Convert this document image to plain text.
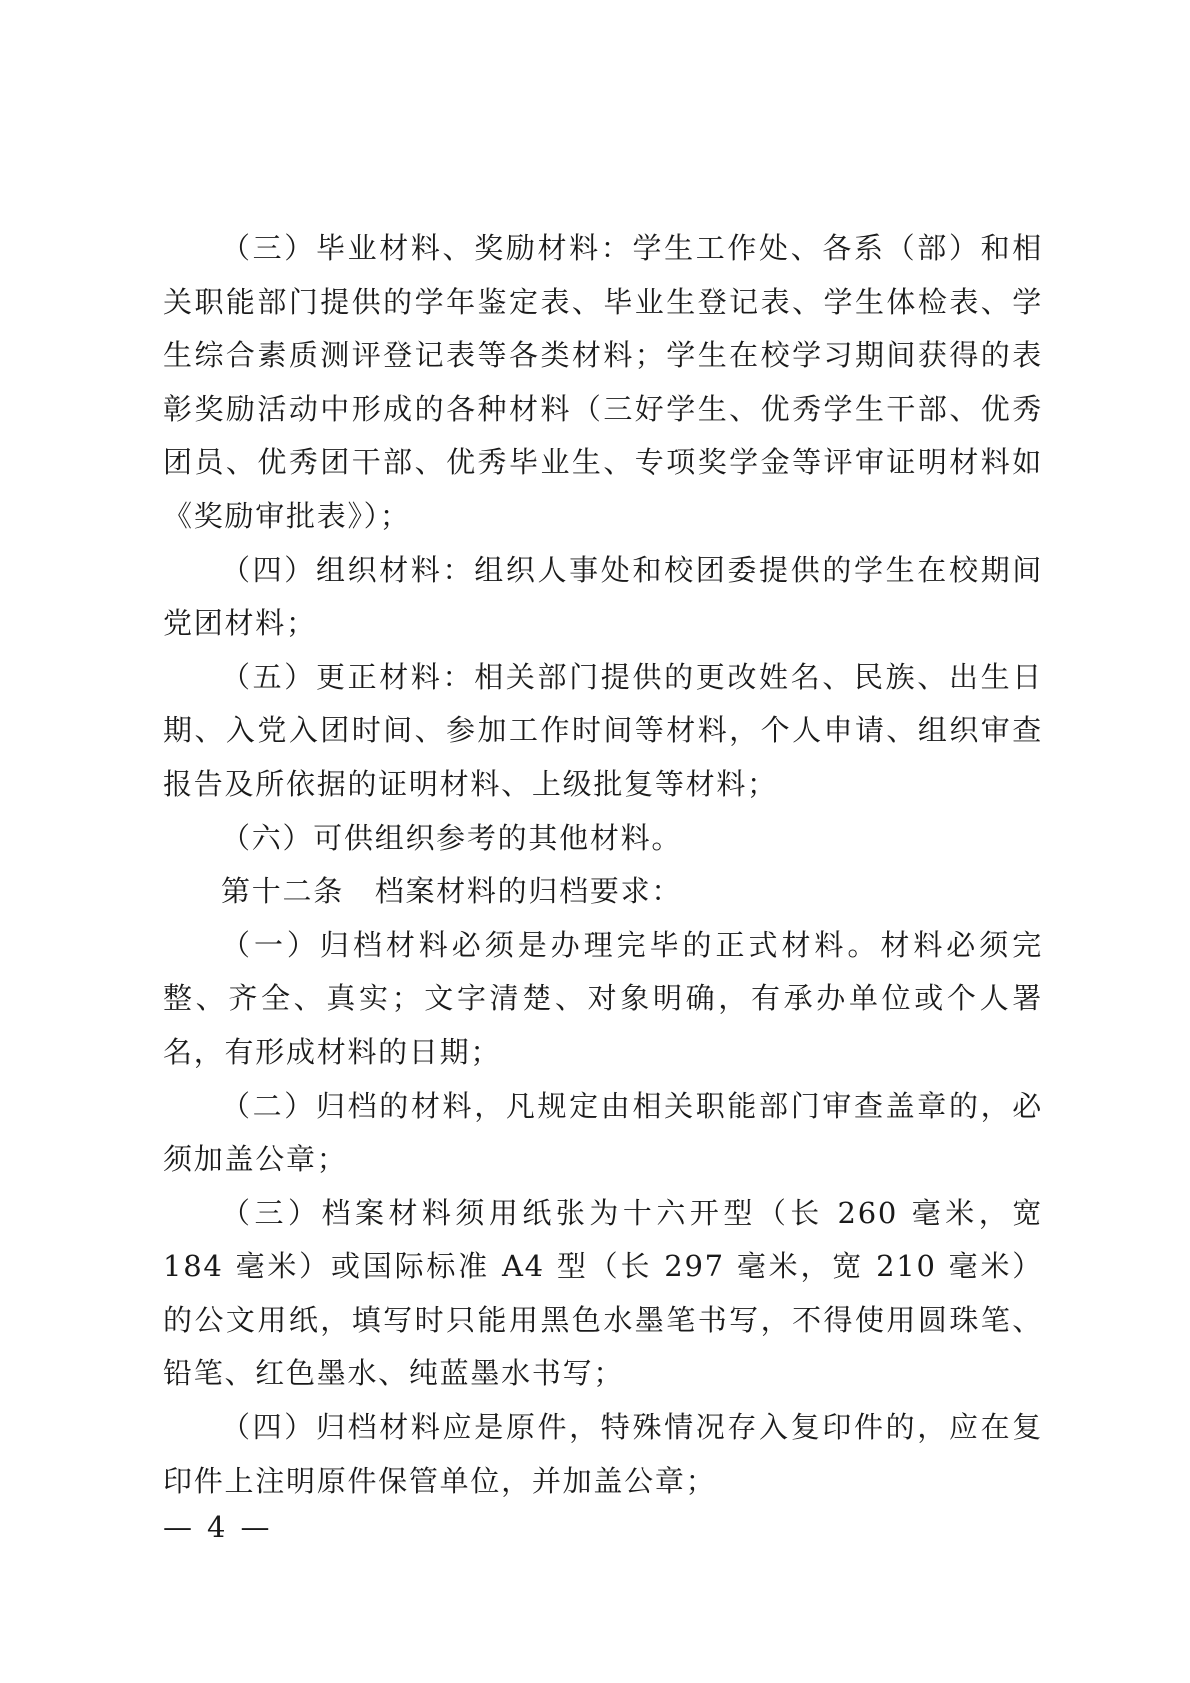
（三）毕业材料、奖励材料：学生工作处、各系（部）和相关职能部门提供的学年鉴定表、毕业生登记表、学生体检表、学生综合素质测评登记表等各类材料；学生在校学习期间获得的表彰奖励活动中形成的各种材料（三好学生、优秀学生干部、优秀团员、优秀团干部、优秀毕业生、专项奖学金等评审证明材料如《奖励审批表》）；

（四）组织材料：组织人事处和校团委提供的学生在校期间党团材料；

（五）更正材料：相关部门提供的更改姓名、民族、出生日期、入党入团时间、参加工作时间等材料，个人申请、组织审查报告及所依据的证明材料、上级批复等材料；

（六）可供组织参考的其他材料。

第十二条　档案材料的归档要求：

（一）归档材料必须是办理完毕的正式材料。材料必须完整、齐全、真实；文字清楚、对象明确，有承办单位或个人署名，有形成材料的日期；

（二）归档的材料，凡规定由相关职能部门审查盖章的，必须加盖公章；

（三）档案材料须用纸张为十六开型（长 260 毫米，宽 184 毫米）或国际标准 A4 型（长 297 毫米，宽 210 毫米）的公文用纸，填写时只能用黑色水墨笔书写，不得使用圆珠笔、铅笔、红色墨水、纯蓝墨水书写；

（四）归档材料应是原件，特殊情况存入复印件的，应在复印件上注明原件保管单位，并加盖公章；

— 4 —
